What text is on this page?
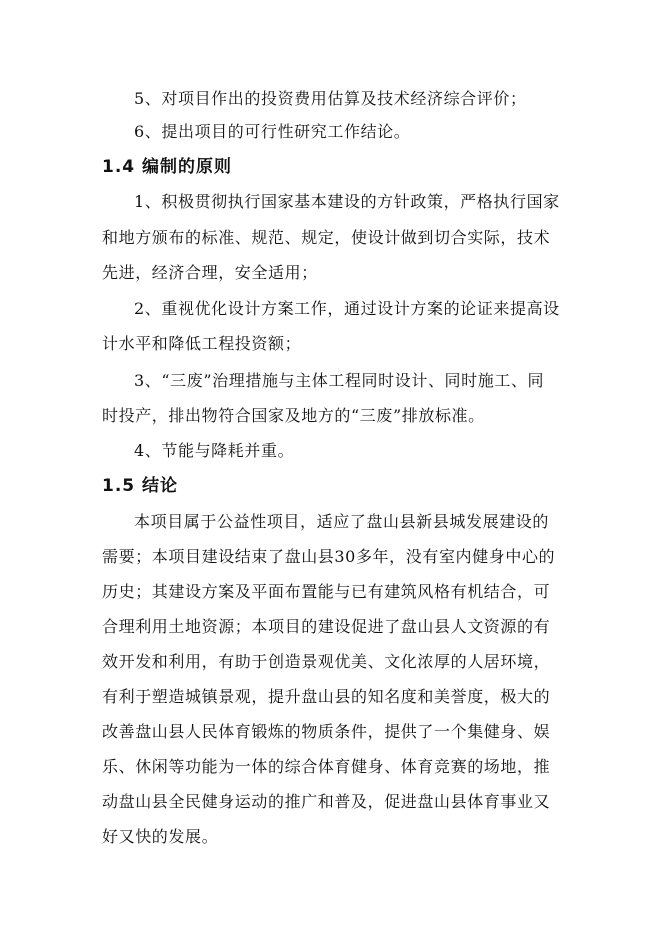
5、对项目作出的投资费用估算及技术经济综合评价；
6、提出项目的可行性研究工作结论。
1.4 编制的原则
1、积极贯彻执行国家基本建设的方针政策，严格执行国家
和地方颁布的标准、规范、规定，使设计做到切合实际，技术
先进，经济合理，安全适用；
2、重视优化设计方案工作，通过设计方案的论证来提高设
计水平和降低工程投资额；
3、“三废”治理措施与主体工程同时设计、同时施工、同
时投产，排出物符合国家及地方的“三废”排放标准。
4、节能与降耗并重。
1.5 结论
本项目属于公益性项目，适应了盘山县新县城发展建设的
需要；本项目建设结束了盘山县30多年，没有室内健身中心的
历史；其建设方案及平面布置能与已有建筑风格有机结合，可
合理利用土地资源；本项目的建设促进了盘山县人文资源的有
效开发和利用，有助于创造景观优美、文化浓厚的人居环境，
有利于塑造城镇景观，提升盘山县的知名度和美誉度，极大的
改善盘山县人民体育锻炼的物质条件，提供了一个集健身、娱
乐、休闲等功能为一体的综合体育健身、体育竞赛的场地，推
动盘山县全民健身运动的推广和普及，促进盘山县体育事业又
好又快的发展。
